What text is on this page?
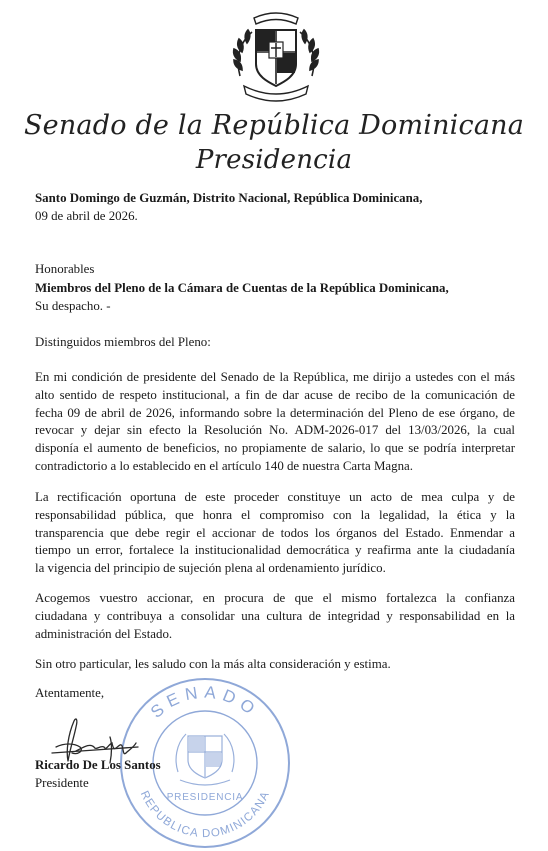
Senado de la República Dominicana
Presidencia
Santo Domingo de Guzmán, Distrito Nacional, República Dominicana,
09 de abril de 2026.
Honorables
Miembros del Pleno de la Cámara de Cuentas de la República Dominicana,
Su despacho. -
Distinguidos miembros del Pleno:

En mi condición de presidente del Senado de la República, me dirijo a ustedes con el más

alto sentido de respeto institucional, a fin de dar acuse de recibo de la comunicación de

fecha 09 de abril de 2026, informando sobre la determinación del Pleno de ese órgano, de

revocar y dejar sin efecto la Resolución No. ADM-2026-017 del 13/03/2026, la cual

disponía el aumento de beneficios, no propiamente de salario, lo que se podría interpretar

contradictorio a lo establecido en el artículo 140 de nuestra Carta Magna.

La rectificación oportuna de este proceder constituye un acto de mea culpa y de

responsabilidad pública, que honra el compromiso con la legalidad, la ética y la

transparencia que debe regir el accionar de todos los órganos del Estado. Enmendar a

tiempo un error, fortalece la institucionalidad democrática y reafirma ante la ciudadanía

la vigencia del principio de sujeción plena al ordenamiento jurídico.

Acogemos vuestro accionar, en procura de que el mismo fortalezca la confianza

ciudadana y contribuya a consolidar una cultura de integridad y responsabilidad en la

administración del Estado.

Sin otro particular, les saludo con la más alta consideración y estima.
Atentamente,
SENADO
REPUBLICA DOMINICANA
PRESIDENCIA
Ricardo De Los Santos
Presidente
